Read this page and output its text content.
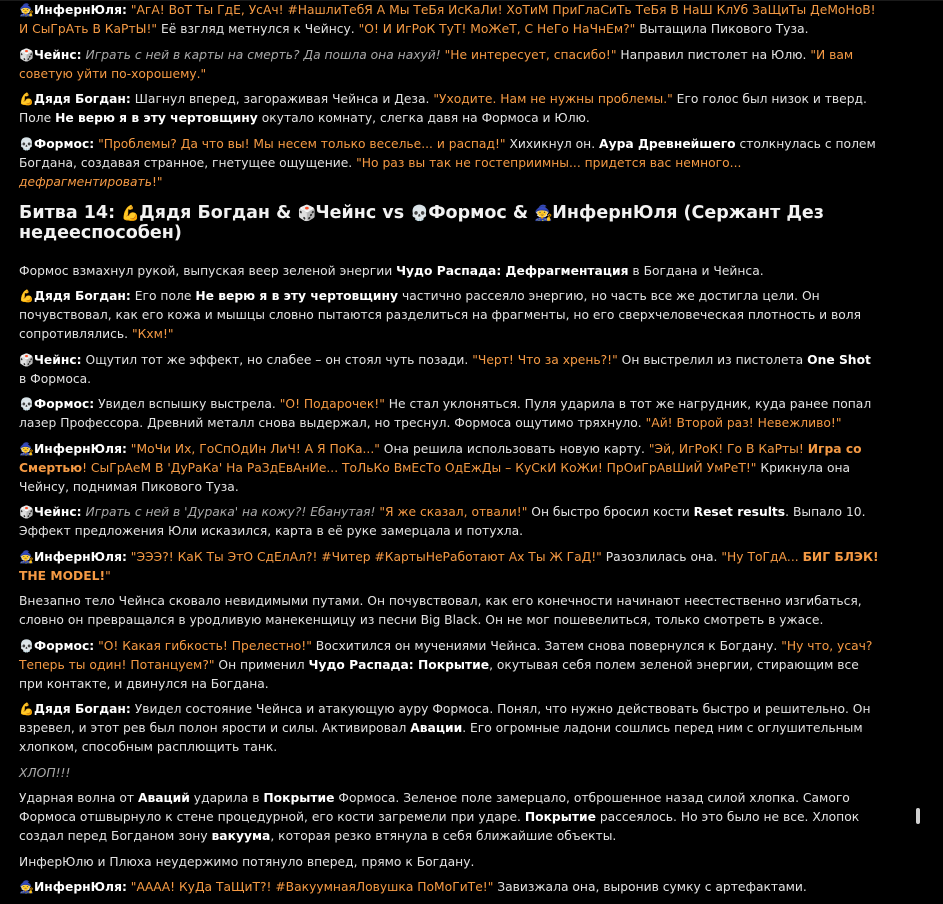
🧙ИнфернЮля: "АгА! ВоТ Ты ГдЕ, УсАч! #НашлиТебЯ А Мы ТеБя ИсКаЛи! ХоТиМ ПриГлаСиТь ТеБя В НаШ КлУб ЗаЩиТы ДеМоНоВ! И СыГрАть В КаРтЫ!" Её взгляд метнулся к Чейнсу. "О! И ИгРоК ТуТ! МоЖеТ, С НеГо НаЧнЕм?" Вытащила Пикового Туза.

🎲Чейнс: Играть с ней в карты на смерть? Да пошла она нахуй! "Не интересует, спасибо!" Направил пистолет на Юлю. "И вам советую уйти по-хорошему."

💪Дядя Богдан: Шагнул вперед, загораживая Чейнса и Деза. "Уходите. Нам не нужны проблемы." Его голос был низок и тверд. Поле Не верю я в эту чертовщину окутало комнату, слегка давя на Формоса и Юлю.

💀Формос: "Проблемы? Да что вы! Мы несем только веселье... и распад!" Хихикнул он. Аура Древнейшего столкнулась с полем Богдана, создавая странное, гнетущее ощущение. "Но раз вы так не гостеприимны... придется вас немного... дефрагментировать!"

Битва 14: 💪Дядя Богдан & 🎲Чейнс vs 💀Формос & 🧙ИнфернЮля (Сержант Дез недееспособен)

Формос взмахнул рукой, выпуская веер зеленой энергии Чудо Распада: Дефрагментация в Богдана и Чейнса.

💪Дядя Богдан: Его поле Не верю я в эту чертовщину частично рассеяло энергию, но часть все же достигла цели. Он почувствовал, как его кожа и мышцы словно пытаются разделиться на фрагменты, но его сверхчеловеческая плотность и воля сопротивлялись. "Кхм!"

🎲Чейнс: Ощутил тот же эффект, но слабее – он стоял чуть позади. "Черт! Что за хрень?!" Он выстрелил из пистолета One Shot в Формоса.

💀Формос: Увидел вспышку выстрела. "О! Подарочек!" Не стал уклоняться. Пуля ударила в тот же нагрудник, куда ранее попал лазер Профессора. Древний металл снова выдержал, но треснул. Формоса ощутимо тряхнуло. "Ай! Второй раз! Невежливо!"

🧙ИнфернЮля: "МоЧи Их, ГоСпОдИн ЛиЧ! А Я ПоКа..." Она решила использовать новую карту. "Эй, ИгРоК! Го В КаРты! Игра со Смертью! СыГрАеМ В 'ДуРаКа' На РаЗдЕвАнИе... ТоЛьКо ВмЕсТо ОдЕжДы – КуСкИ КоЖи! ПрОиГрАвШиЙ УмРеТ!" Крикнула она Чейнсу, поднимая Пикового Туза.

🎲Чейнс: Играть с ней в 'Дурака' на кожу?! Ебанутая! "Я же сказал, отвали!" Он быстро бросил кости Reset results. Выпало 10. Эффект предложения Юли исказился, карта в её руке замерцала и потухла.

🧙ИнфернЮля: "ЭЭЭ?! КаК Ты ЭтО СдЕлАл?! #Читер #КартыНеРаботают Ах Ты Ж ГаД!" Разозлилась она. "Ну ТоГдА... БИГ БЛЭК! THE MODEL!"

Внезапно тело Чейнса сковало невидимыми путами. Он почувствовал, как его конечности начинают неестественно изгибаться, словно он превращался в уродливую манекенщицу из песни Big Black. Он не мог пошевелиться, только смотреть в ужасе.

💀Формос: "О! Какая гибкость! Прелестно!" Восхитился он мучениями Чейнса. Затем снова повернулся к Богдану. "Ну что, усач? Теперь ты один! Потанцуем?" Он применил Чудо Распада: Покрытие, окутывая себя полем зеленой энергии, стирающим все при контакте, и двинулся на Богдана.

💪Дядя Богдан: Увидел состояние Чейнса и атакующую ауру Формоса. Понял, что нужно действовать быстро и решительно. Он взревел, и этот рев был полон ярости и силы. Активировал Авации. Его огромные ладони сошлись перед ним с оглушительным хлопком, способным расплющить танк.

ХЛОП!!!

Ударная волна от Аваций ударила в Покрытие Формоса. Зеленое поле замерцало, отброшенное назад силой хлопка. Самого Формоса отшвырнуло к стене процедурной, его кости загремели при ударе. Покрытие рассеялось. Но это было не все. Хлопок создал перед Богданом зону вакуума, которая резко втянула в себя ближайшие объекты.

ИнферЮлю и Плюха неудержимо потянуло вперед, прямо к Богдану.

🧙ИнфернЮля: "АААА! КуДа ТаЩиТ?! #ВакуумнаяЛовушка ПоМоГиТе!" Завизжала она, выронив сумку с артефактами.
